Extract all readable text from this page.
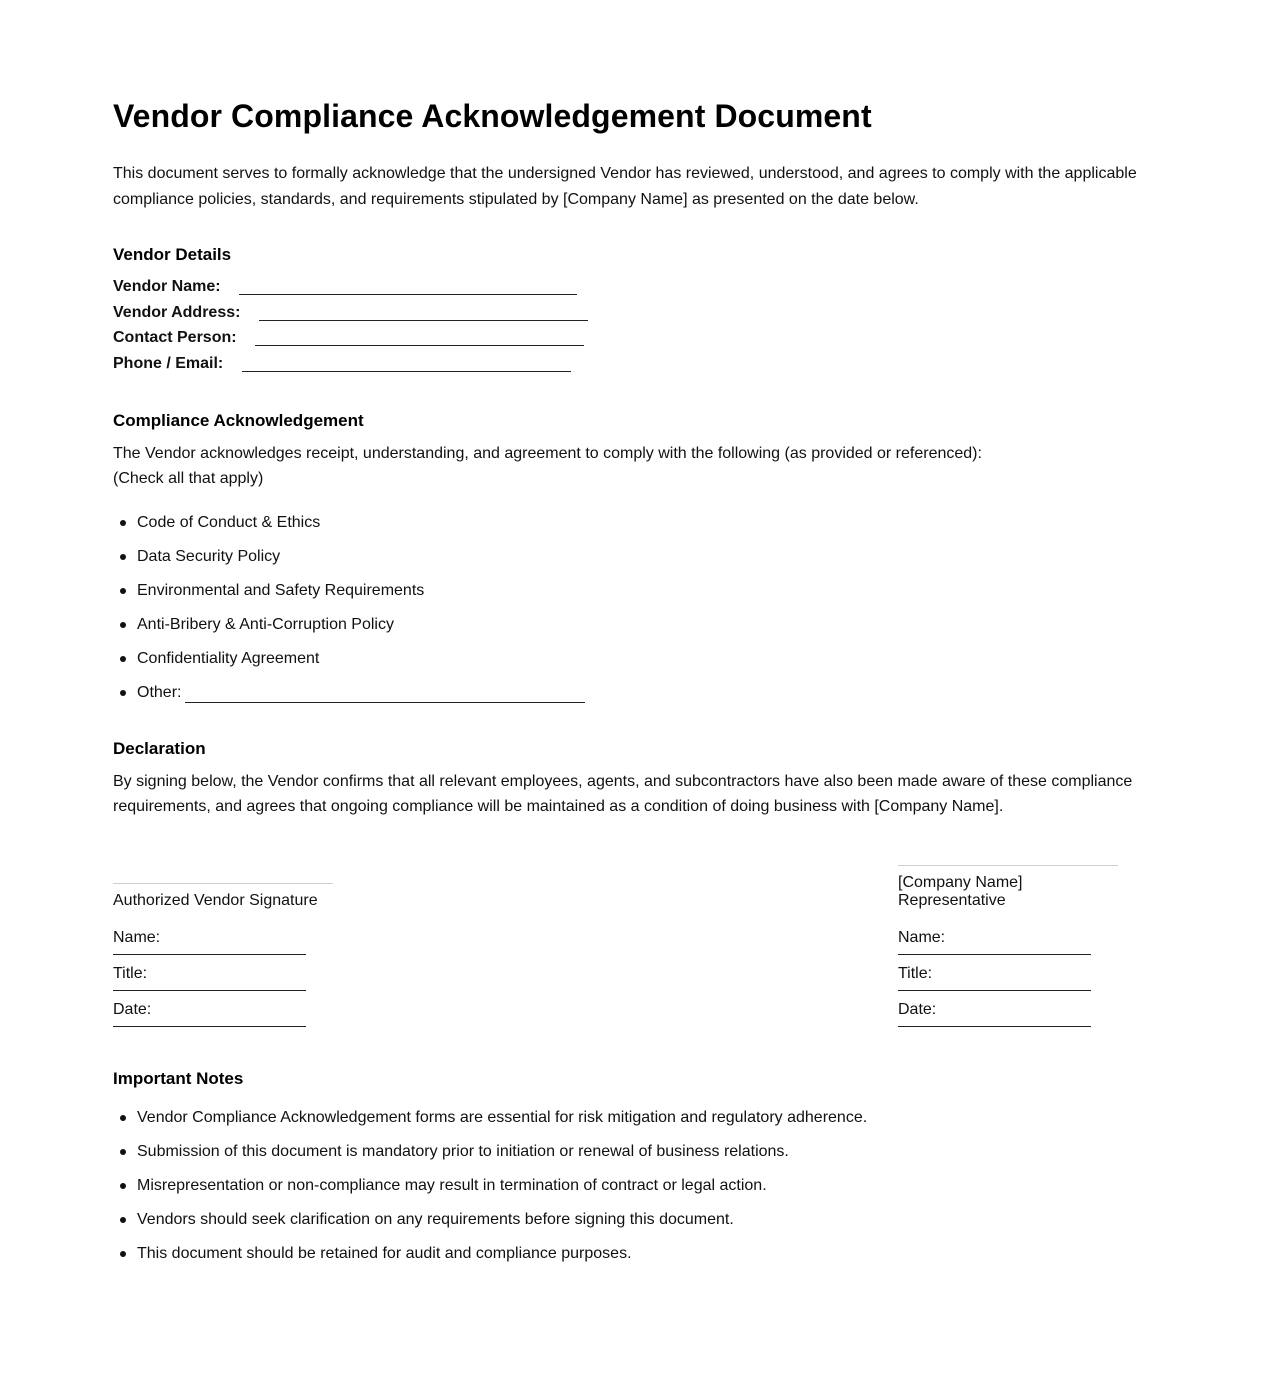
Vendor Compliance Acknowledgement Document

This document serves to formally acknowledge that the undersigned Vendor has reviewed, understood, and agrees to comply with the applicable compliance policies, standards, and requirements stipulated by [Company Name] as presented on the date below.

Vendor Details
Vendor Name:
Vendor Address:
Contact Person:
Phone / Email:
Compliance Acknowledgement

The Vendor acknowledges receipt, understanding, and agreement to comply with the following (as provided or referenced):

(Check all that apply)

Code of Conduct & Ethics
Data Security Policy
Environmental and Safety Requirements
Anti-Bribery & Anti-Corruption Policy
Confidentiality Agreement
Other:
Declaration

By signing below, the Vendor confirms that all relevant employees, agents, and subcontractors have also been made aware of these compliance requirements, and agrees that ongoing compliance will be maintained as a condition of doing business with [Company Name].

Authorized Vendor Signature
Name:
Title:
Date:
[Company Name]
Representative
Name:
Title:
Date:
Important Notes
Vendor Compliance Acknowledgement forms are essential for risk mitigation and regulatory adherence.
Submission of this document is mandatory prior to initiation or renewal of business relations.
Misrepresentation or non-compliance may result in termination of contract or legal action.
Vendors should seek clarification on any requirements before signing this document.
This document should be retained for audit and compliance purposes.
